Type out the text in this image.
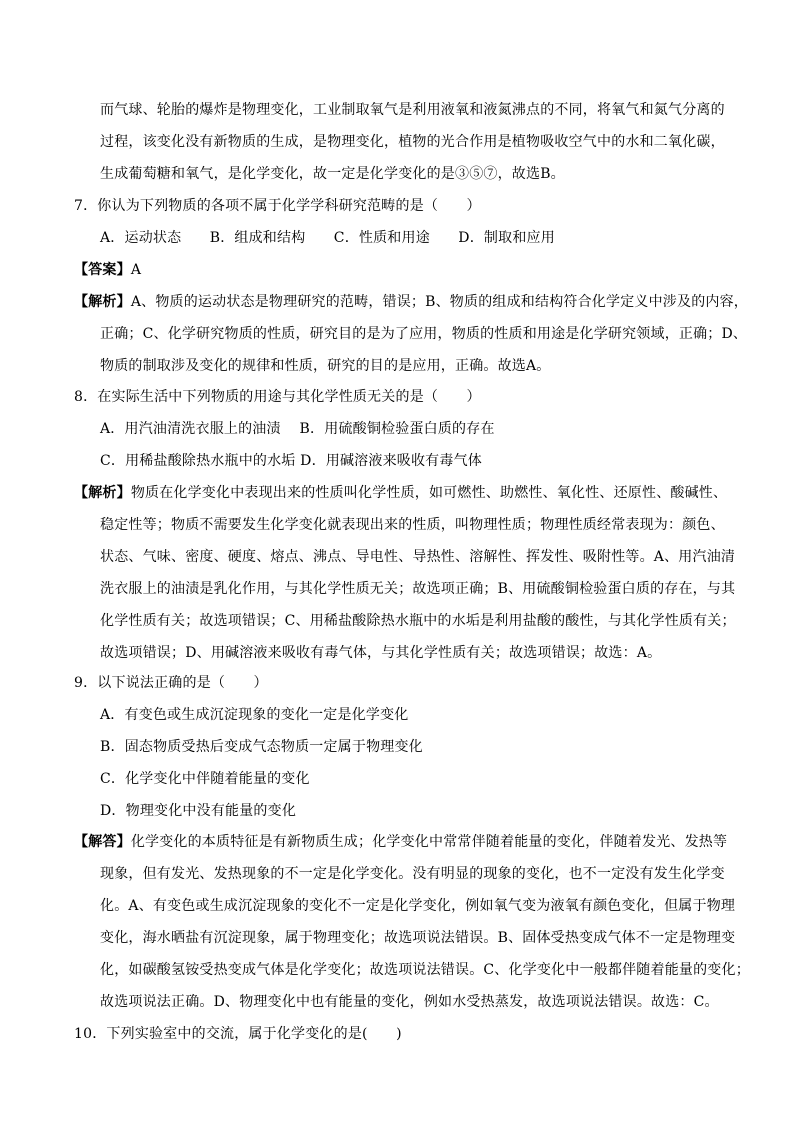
而气球、轮胎的爆炸是物理变化，工业制取氧气是利用液氧和液氮沸点的不同，将氧气和氮气分离的
过程，该变化没有新物质的生成，是物理变化，植物的光合作用是植物吸收空气中的水和二氧化碳，
生成葡萄糖和氧气，是化学变化，故一定是化学变化的是③⑤⑦，故选B。
7．你认为下列物质的各项不属于化学学科研究范畴的是（　　）
A．运动状态　　B．组成和结构　　C．性质和用途　　D．制取和应用
【答案】A
【解析】A、物质的运动状态是物理研究的范畴，错误；B、物质的组成和结构符合化学定义中涉及的内容，
正确；C、化学研究物质的性质，研究目的是为了应用，物质的性质和用途是化学研究领域，正确；D、
物质的制取涉及变化的规律和性质，研究的目的是应用，正确。故选A。
8．在实际生活中下列物质的用途与其化学性质无关的是（　　）
A．用汽油清洗衣服上的油渍　 B．用硫酸铜检验蛋白质的存在
C．用稀盐酸除热水瓶中的水垢 D．用碱溶液来吸收有毒气体
【解析】物质在化学变化中表现出来的性质叫化学性质，如可燃性、助燃性、氧化性、还原性、酸碱性、
稳定性等；物质不需要发生化学变化就表现出来的性质，叫物理性质；物理性质经常表现为：颜色、
状态、气味、密度、硬度、熔点、沸点、导电性、导热性、溶解性、挥发性、吸附性等。A、用汽油清
洗衣服上的油渍是乳化作用，与其化学性质无关；故选项正确；B、用硫酸铜检验蛋白质的存在，与其
化学性质有关；故选项错误；C、用稀盐酸除热水瓶中的水垢是利用盐酸的酸性，与其化学性质有关；
故选项错误；D、用碱溶液来吸收有毒气体，与其化学性质有关；故选项错误；故选：A。
9．以下说法正确的是（　　）
A．有变色或生成沉淀现象的变化一定是化学变化
B．固态物质受热后变成气态物质一定属于物理变化
C．化学变化中伴随着能量的变化
D．物理变化中没有能量的变化
【解答】化学变化的本质特征是有新物质生成；化学变化中常常伴随着能量的变化，伴随着发光、发热等
现象，但有发光、发热现象的不一定是化学变化。没有明显的现象的变化，也不一定没有发生化学变
化。A、有变色或生成沉淀现象的变化不一定是化学变化，例如氧气变为液氧有颜色变化，但属于物理
变化，海水晒盐有沉淀现象，属于物理变化；故选项说法错误。B、固体受热变成气体不一定是物理变
化，如碳酸氢铵受热变成气体是化学变化；故选项说法错误。C、化学变化中一般都伴随着能量的变化；
故选项说法正确。D、物理变化中也有能量的变化，例如水受热蒸发，故选项说法错误。故选：C。
10．下列实验室中的交流，属于化学变化的是(　　)
